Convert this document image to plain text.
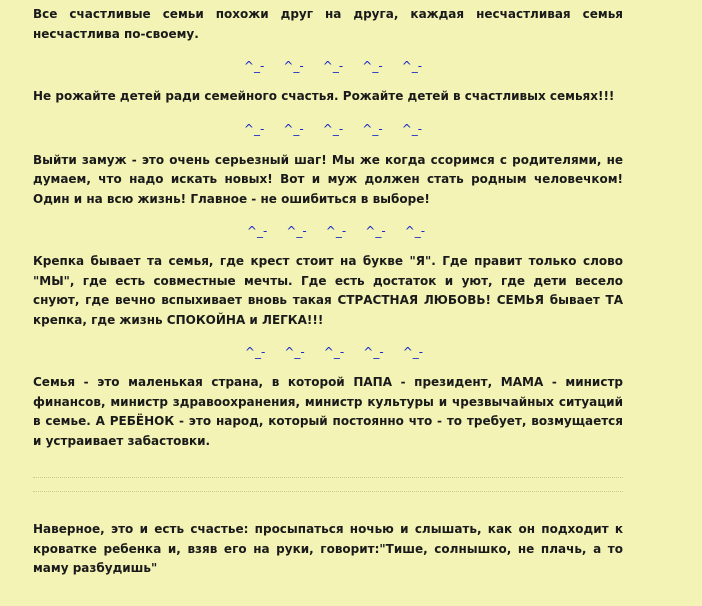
Все счастливые семьи похожи друг на друга, каждая несчастливая семья несчастлива по-своему.

^_-     ^_-     ^_-     ^_-     ^_-

Не рожайте детей ради семейного счастья. Рожайте детей в счастливых семьях!!!

^_-     ^_-     ^_-     ^_-     ^_-

Выйти замуж - это очень серьезный шаг! Мы же когда ссоримся с родителями, не думаем, что надо искать новых! Вот и муж должен стать родным человечком! Один и на всю жизнь! Главное - не ошибиться в выборе!

^_-     ^_-     ^_-     ^_-     ^_-

Крепка бывает та семья, где крест стоит на букве "Я". Где правит только слово "МЫ", где есть совместные мечты. Где есть достаток и уют, где дети весело снуют, где вечно вспыхивает вновь такая СТРАСТНАЯ ЛЮБОВЬ! СЕМЬЯ бывает ТА крепка, где жизнь СПОКОЙНА и ЛЕГКА!!!

^_-     ^_-     ^_-     ^_-     ^_-

Семья - это маленькая страна, в которой ПАПА - президент, МАМА - министр финансов, министр здравоохранения, министр культуры и чрезвычайных ситуаций в семье. А РЕБЁНОК - это народ, который постоянно что - то требует, возмущается и устраивает забастовки.

Наверное, это и есть счастье: просыпаться ночью и слышать, как он подходит к кроватке ребенка и, взяв его на руки, говорит:"Тише, солнышко, не плачь, а то маму разбудишь"
